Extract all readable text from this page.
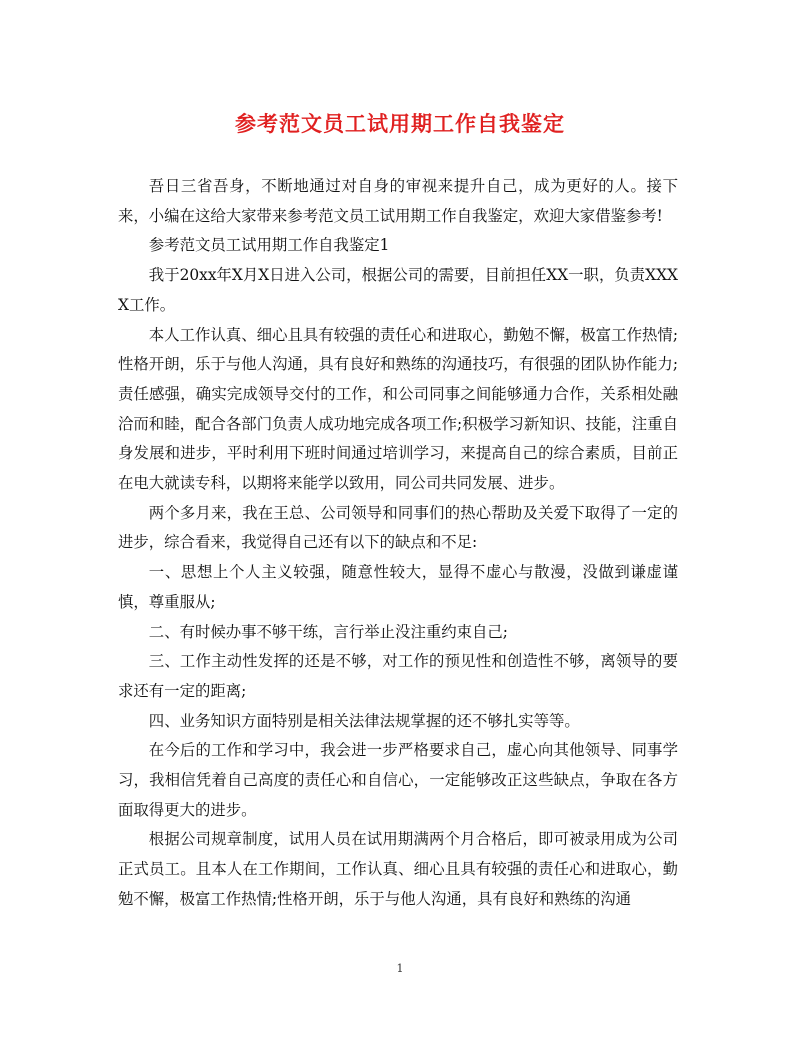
参考范文员工试用期工作自我鉴定

吾日三省吾身，不断地通过对自身的审视来提升自己，成为更好的人。接下来，小编在这给大家带来参考范文员工试用期工作自我鉴定，欢迎大家借鉴参考!

参考范文员工试用期工作自我鉴定1

我于20xx年X月X日进入公司，根据公司的需要，目前担任XX一职，负责XXXX工作。

本人工作认真、细心且具有较强的责任心和进取心，勤勉不懈，极富工作热情;性格开朗，乐于与他人沟通，具有良好和熟练的沟通技巧，有很强的团队协作能力;责任感强，确实完成领导交付的工作，和公司同事之间能够通力合作，关系相处融洽而和睦，配合各部门负责人成功地完成各项工作;积极学习新知识、技能，注重自身发展和进步，平时利用下班时间通过培训学习，来提高自己的综合素质，目前正在电大就读专科，以期将来能学以致用，同公司共同发展、进步。

两个多月来，我在王总、公司领导和同事们的热心帮助及关爱下取得了一定的进步，综合看来，我觉得自己还有以下的缺点和不足:

一、思想上个人主义较强，随意性较大，显得不虚心与散漫，没做到谦虚谨慎，尊重服从;

二、有时候办事不够干练，言行举止没注重约束自己;

三、工作主动性发挥的还是不够，对工作的预见性和创造性不够，离领导的要求还有一定的距离;

四、业务知识方面特别是相关法律法规掌握的还不够扎实等等。

在今后的工作和学习中，我会进一步严格要求自己，虚心向其他领导、同事学习，我相信凭着自己高度的责任心和自信心，一定能够改正这些缺点，争取在各方面取得更大的进步。

根据公司规章制度，试用人员在试用期满两个月合格后，即可被录用成为公司正式员工。且本人在工作期间，工作认真、细心且具有较强的责任心和进取心，勤勉不懈，极富工作热情;性格开朗，乐于与他人沟通，具有良好和熟练的沟通

1
